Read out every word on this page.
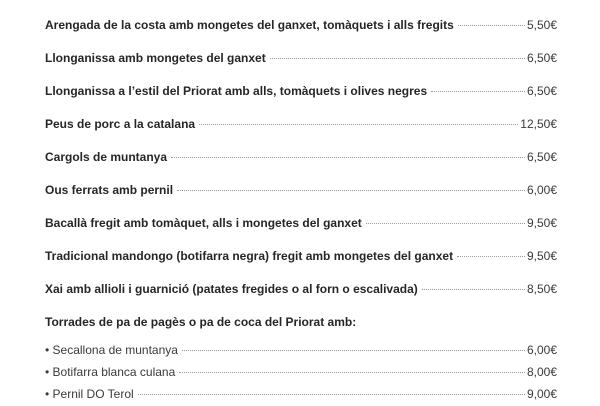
Arengada de la costa amb mongetes del ganxet, tomàquets i alls fregits	5,50€
Llonganissa amb mongetes del ganxet	6,50€
Llonganissa a l’estil del Priorat amb alls, tomàquets i olives negres	6,50€
Peus de porc a la catalana	12,50€
Cargols de muntanya	6,50€
Ous ferrats amb pernil	6,00€
Bacallà fregit amb tomàquet, alls i mongetes del ganxet	9,50€
Tradicional mandongo (botifarra negra) fregit amb mongetes del ganxet	9,50€
Xai amb allioli i guarnició (patates fregides o al forn o escalivada)	8,50€
Torrades de pa de pagès o pa de coca del Priorat amb:
• Secallona de muntanya	6,00€
• Botifarra blanca culana	8,00€
• Pernil DO Terol	9,00€
